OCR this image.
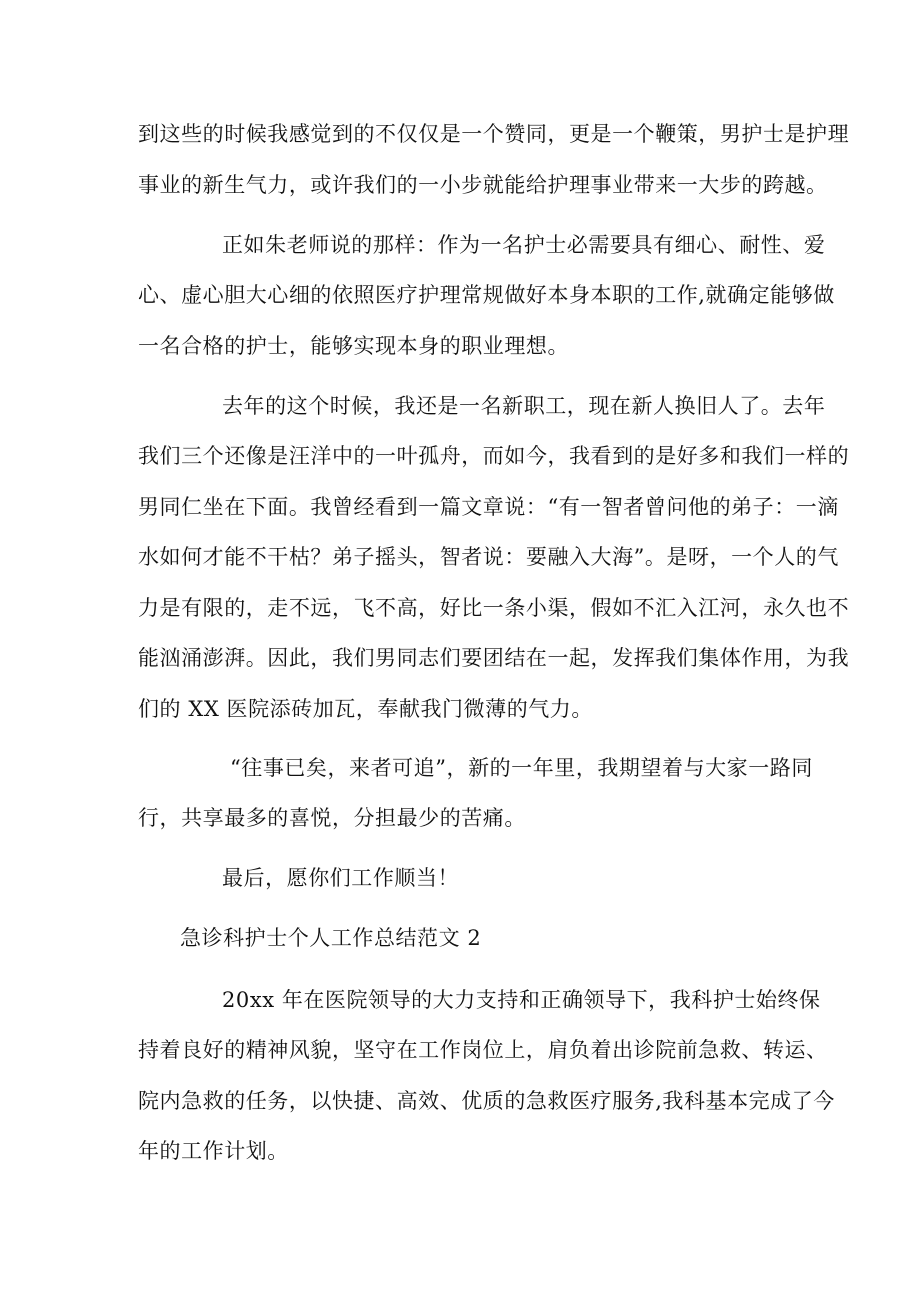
到这些的时候我感觉到的不仅仅是一个赞同，更是一个鞭策，男护士是护理
事业的新生气力，或许我们的一小步就能给护理事业带来一大步的跨越。
正如朱老师说的那样：作为一名护士必需要具有细心、耐性、爱
心、虚心胆大心细的依照医疗护理常规做好本身本职的工作,就确定能够做
一名合格的护士，能够实现本身的职业理想。
去年的这个时候，我还是一名新职工，现在新人换旧人了。去年
我们三个还像是汪洋中的一叶孤舟，而如今，我看到的是好多和我们一样的
男同仁坐在下面。我曾经看到一篇文章说：“有一智者曾问他的弟子：一滴
水如何才能不干枯？弟子摇头，智者说：要融入大海”。是呀，一个人的气
力是有限的，走不远，飞不高，好比一条小渠，假如不汇入江河，永久也不
能汹涌澎湃。因此，我们男同志们要团结在一起，发挥我们集体作用，为我
们的 XX 医院添砖加瓦，奉献我门微薄的气力。
“往事已矣，来者可追”，新的一年里，我期望着与大家一路同
行，共享最多的喜悦，分担最少的苦痛。
最后，愿你们工作顺当！
急诊科护士个人工作总结范文 2
20xx 年在医院领导的大力支持和正确领导下，我科护士始终保
持着良好的精神风貌，坚守在工作岗位上，肩负着出诊院前急救、转运、
院内急救的任务，以快捷、高效、优质的急救医疗服务,我科基本完成了今
年的工作计划。
